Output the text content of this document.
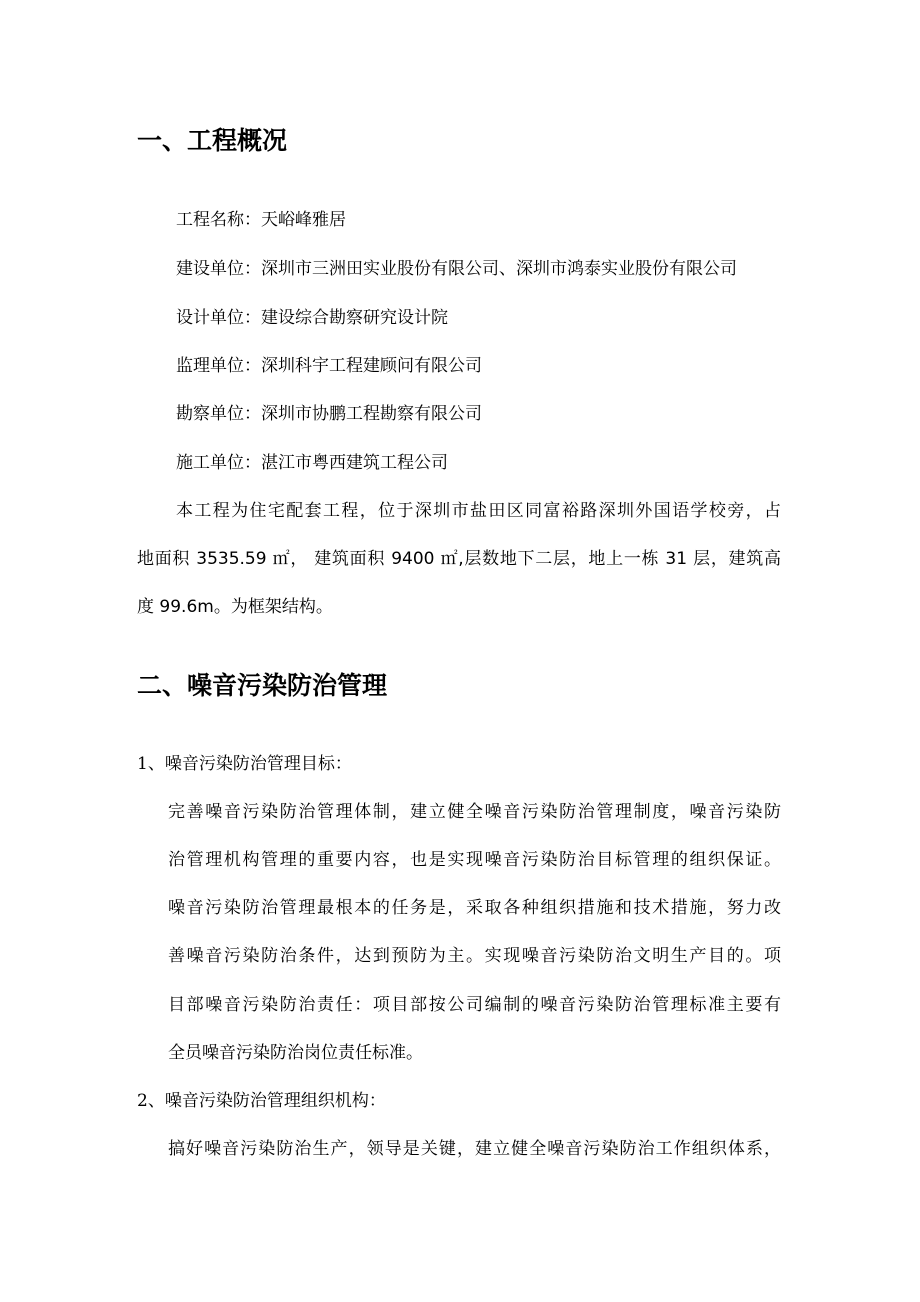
一、工程概况
工程名称：天峪峰雅居
建设单位：深圳市三洲田实业股份有限公司、深圳市鸿泰实业股份有限公司
设计单位：建设综合勘察研究设计院
监理单位：深圳科宇工程建顾问有限公司
勘察单位：深圳市协鹏工程勘察有限公司
施工单位：湛江市粤西建筑工程公司
本工程为住宅配套工程，位于深圳市盐田区同富裕路深圳外国语学校旁，占
地面积 3535.59 ㎡， 建筑面积 9400 ㎡,层数地下二层，地上一栋 31 层，建筑高
度 99.6m。为框架结构。
二、噪音污染防治管理
1、噪音污染防治管理目标：
完善噪音污染防治管理体制，建立健全噪音污染防治管理制度，噪音污染防
治管理机构管理的重要内容，也是实现噪音污染防治目标管理的组织保证。
噪音污染防治管理最根本的任务是，采取各种组织措施和技术措施，努力改
善噪音污染防治条件，达到预防为主。实现噪音污染防治文明生产目的。项
目部噪音污染防治责任：项目部按公司编制的噪音污染防治管理标准主要有
全员噪音污染防治岗位责任标准。
2、噪音污染防治管理组织机构：
搞好噪音污染防治生产，领导是关键，建立健全噪音污染防治工作组织体系，
